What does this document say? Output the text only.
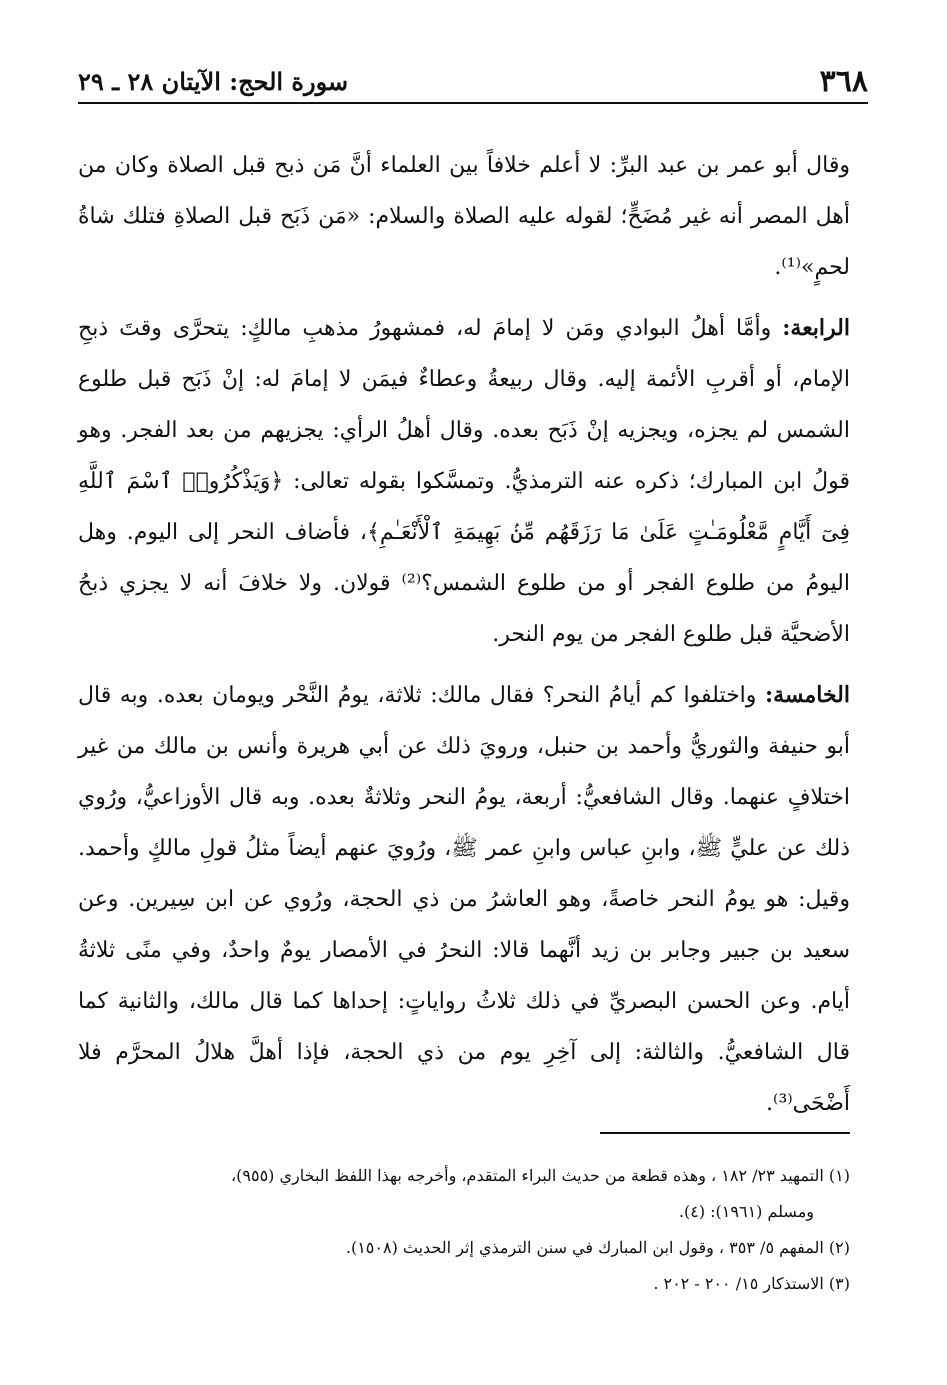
٣٦٨
سورة الحج: الآيتان ٢٨ ـ ٢٩

وقال أبو عمر بن عبد البرِّ: لا أعلم خلافاً بين العلماء أنَّ مَن ذبح قبل الصلاة وكان من أهل المصر أنه غير مُضَحٍّ؛ لقوله عليه الصلاة والسلام: «مَن ذَبَح قبل الصلاةِ فتلك شاةُ لحمٍ»⁽¹⁾.

الرابعة: وأمَّا أهلُ البوادي ومَن لا إمامَ له، فمشهورُ مذهبِ مالكٍ: يتحرَّى وقتَ ذبحِ الإمام، أو أقربِ الأئمة إليه. وقال ربيعةُ وعطاءٌ فيمَن لا إمامَ له: إنْ ذَبَح قبل طلوع الشمس لم يجزه، ويجزيه إنْ ذَبَح بعده. وقال أهلُ الرأي: يجزيهم من بعد الفجر. وهو قولُ ابن المبارك؛ ذكره عنه الترمذيُّ. وتمسَّكوا بقوله تعالى: ﴿وَيَذْكُرُوا۟ ٱسْمَ ٱللَّهِ فِىٓ أَيَّامٍ مَّعْلُومَـٰتٍ عَلَىٰ مَا رَزَقَهُم مِّنۢ بَهِيمَةِ ٱلْأَنْعَـٰمِ﴾، فأضاف النحر إلى اليوم. وهل اليومُ من طلوع الفجر أو من طلوع الشمس؟⁽²⁾ قولان. ولا خلافَ أنه لا يجزي ذبحُ الأضحيَّة قبل طلوع الفجر من يوم النحر.

الخامسة: واختلفوا كم أيامُ النحر؟ فقال مالك: ثلاثة، يومُ النَّحْر ويومان بعده. وبه قال أبو حنيفة والثوريُّ وأحمد بن حنبل، ورويَ ذلك عن أبي هريرة وأنس بن مالك من غير اختلافٍ عنهما. وقال الشافعيُّ: أربعة، يومُ النحر وثلاثةٌ بعده. وبه قال الأوزاعيُّ، ورُوي ذلك عن عليٍّ ﷺ، وابنِ عباس وابنِ عمر ﷺ، ورُويَ عنهم أيضاً مثلُ قولِ مالكٍ وأحمد. وقيل: هو يومُ النحر خاصةً، وهو العاشرُ من ذي الحجة، ورُوي عن ابن سِيرين. وعن سعيد بن جبير وجابر بن زيد أنَّهما قالا: النحرُ في الأمصار يومٌ واحدٌ، وفي منًى ثلاثةُ أيام. وعن الحسن البصريِّ في ذلك ثلاثُ رواياتٍ: إحداها كما قال مالك، والثانية كما قال الشافعيُّ. والثالثة: إلى آخِرِ يوم من ذي الحجة، فإذا أهلَّ هلالُ المحرَّم فلا أَضْحَى⁽³⁾.

(١) التمهيد ٢٣/ ١٨٢ ، وهذه قطعة من حديث البراء المتقدم، وأخرجه بهذا اللفظ البخاري (٩٥٥)،
ومسلم (١٩٦١): (٤).
(٢) المفهم ٥/ ٣٥٣ ، وقول ابن المبارك في سنن الترمذي إثر الحديث (١٥٠٨).
(٣) الاستذكار ١٥/ ٢٠٠ - ٢٠٢ .
